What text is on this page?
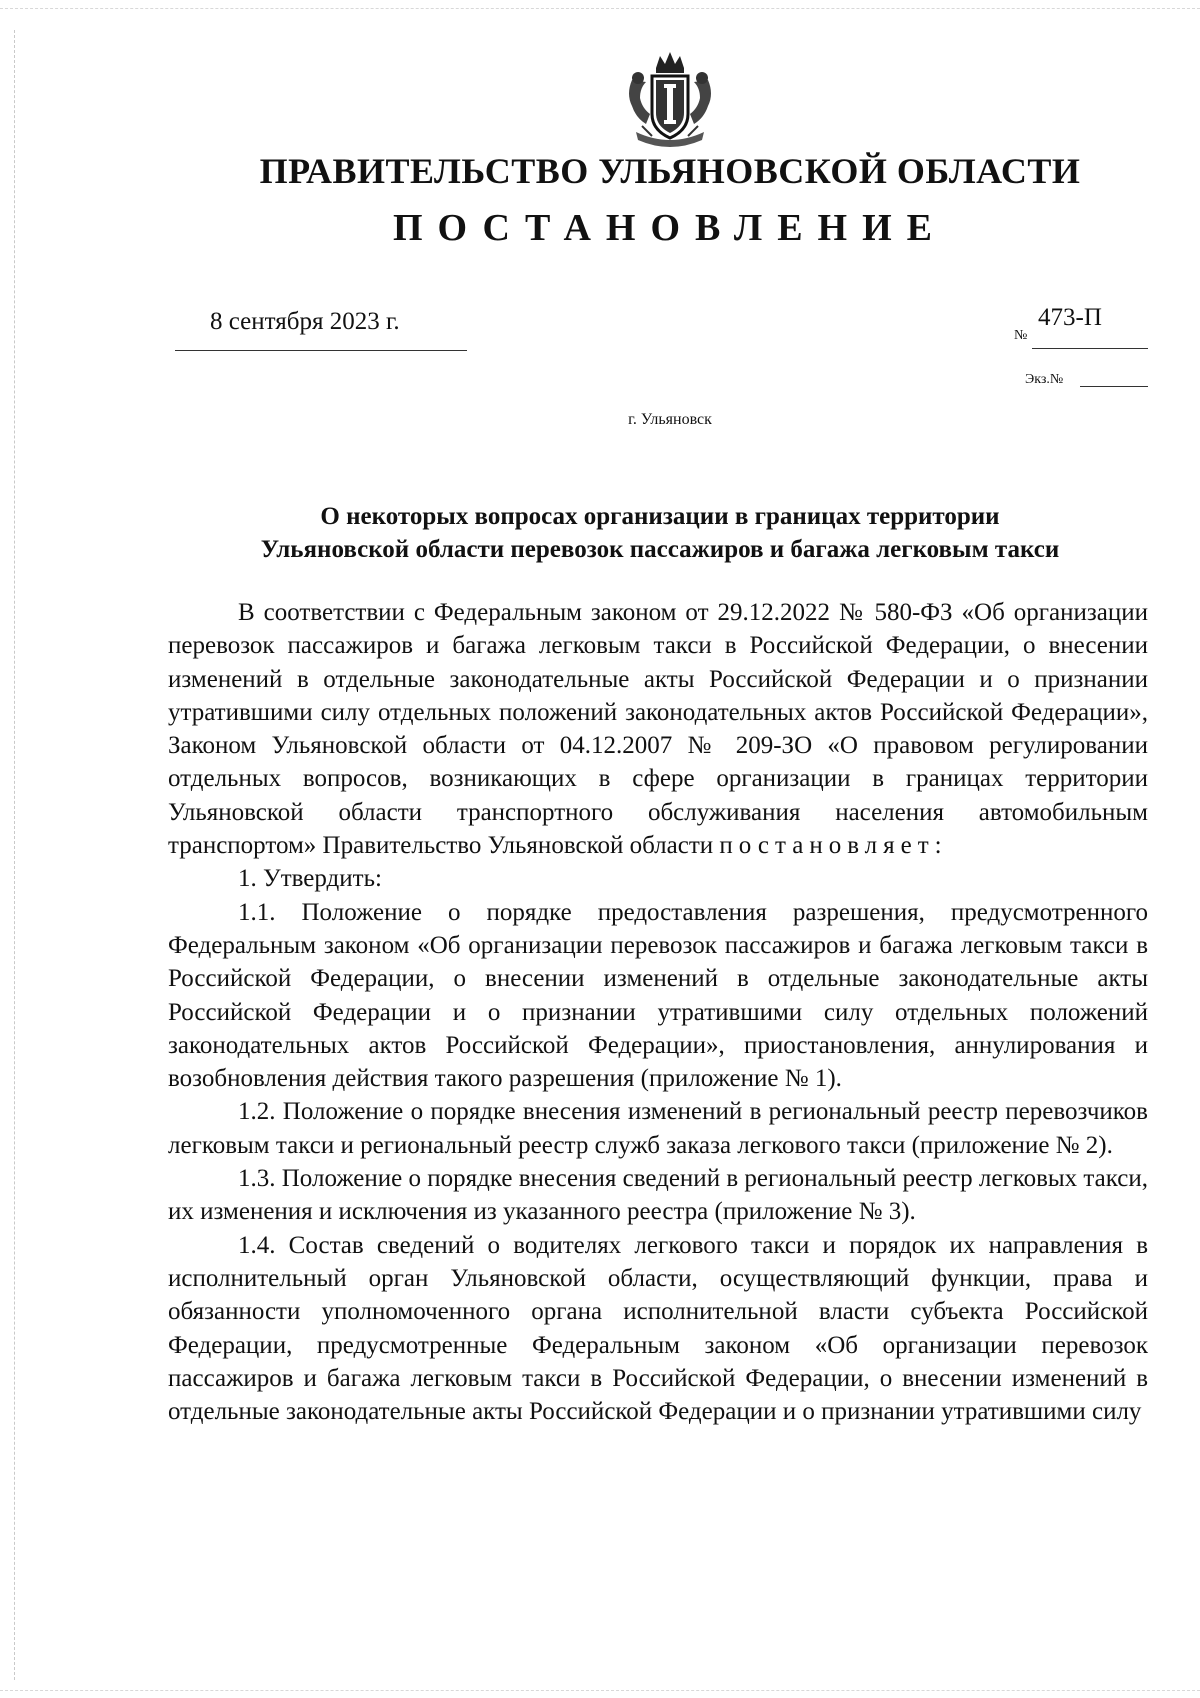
ПРАВИТЕЛЬСТВО УЛЬЯНОВСКОЙ ОБЛАСТИ
ПОСТАНОВЛЕНИЕ
8 сентября 2023 г.
№
473-П
Экз.№
г. Ульяновск
О некоторых вопросах организации в границах территории
Ульяновской области перевозок пассажиров и багажа легковым такси

В соответствии с Федеральным законом от 29.12.2022 № 580-ФЗ «Об организации перевозок пассажиров и багажа легковым такси в Российской Федерации, о внесении изменений в отдельные законодательные акты Российской Федерации и о признании утратившими силу отдельных положений законодательных актов Российской Федерации», Законом Ульяновской области от 04.12.2007 № 209-ЗО «О правовом регулировании отдельных вопросов, возникающих в сфере организации в границах территории Ульяновской области транспортного обслуживания населения автомобильным транспортом» Правительство Ульяновской области постановляет:

1. Утвердить:

1.1. Положение о порядке предоставления разрешения, предусмотренного Федеральным законом «Об организации перевозок пассажиров и багажа легковым такси в Российской Федерации, о внесении изменений в отдельные законодательные акты Российской Федерации и о признании утратившими силу отдельных положений законодательных актов Российской Федерации», приостановления, аннулирования и возобновления действия такого разрешения (приложение № 1).

1.2. Положение о порядке внесения изменений в региональный реестр перевозчиков легковым такси и региональный реестр служб заказа легкового такси (приложение № 2).

1.3. Положение о порядке внесения сведений в региональный реестр легковых такси, их изменения и исключения из указанного реестра (приложение № 3).

1.4. Состав сведений о водителях легкового такси и порядок их направления в исполнительный орган Ульяновской области, осуществляющий функции, права и обязанности уполномоченного органа исполнительной власти субъекта Российской Федерации, предусмотренные Федеральным законом «Об организации перевозок пассажиров и багажа легковым такси в Российской Федерации, о внесении изменений в отдельные законодательные акты Российской Федерации и о признании утратившими силу
